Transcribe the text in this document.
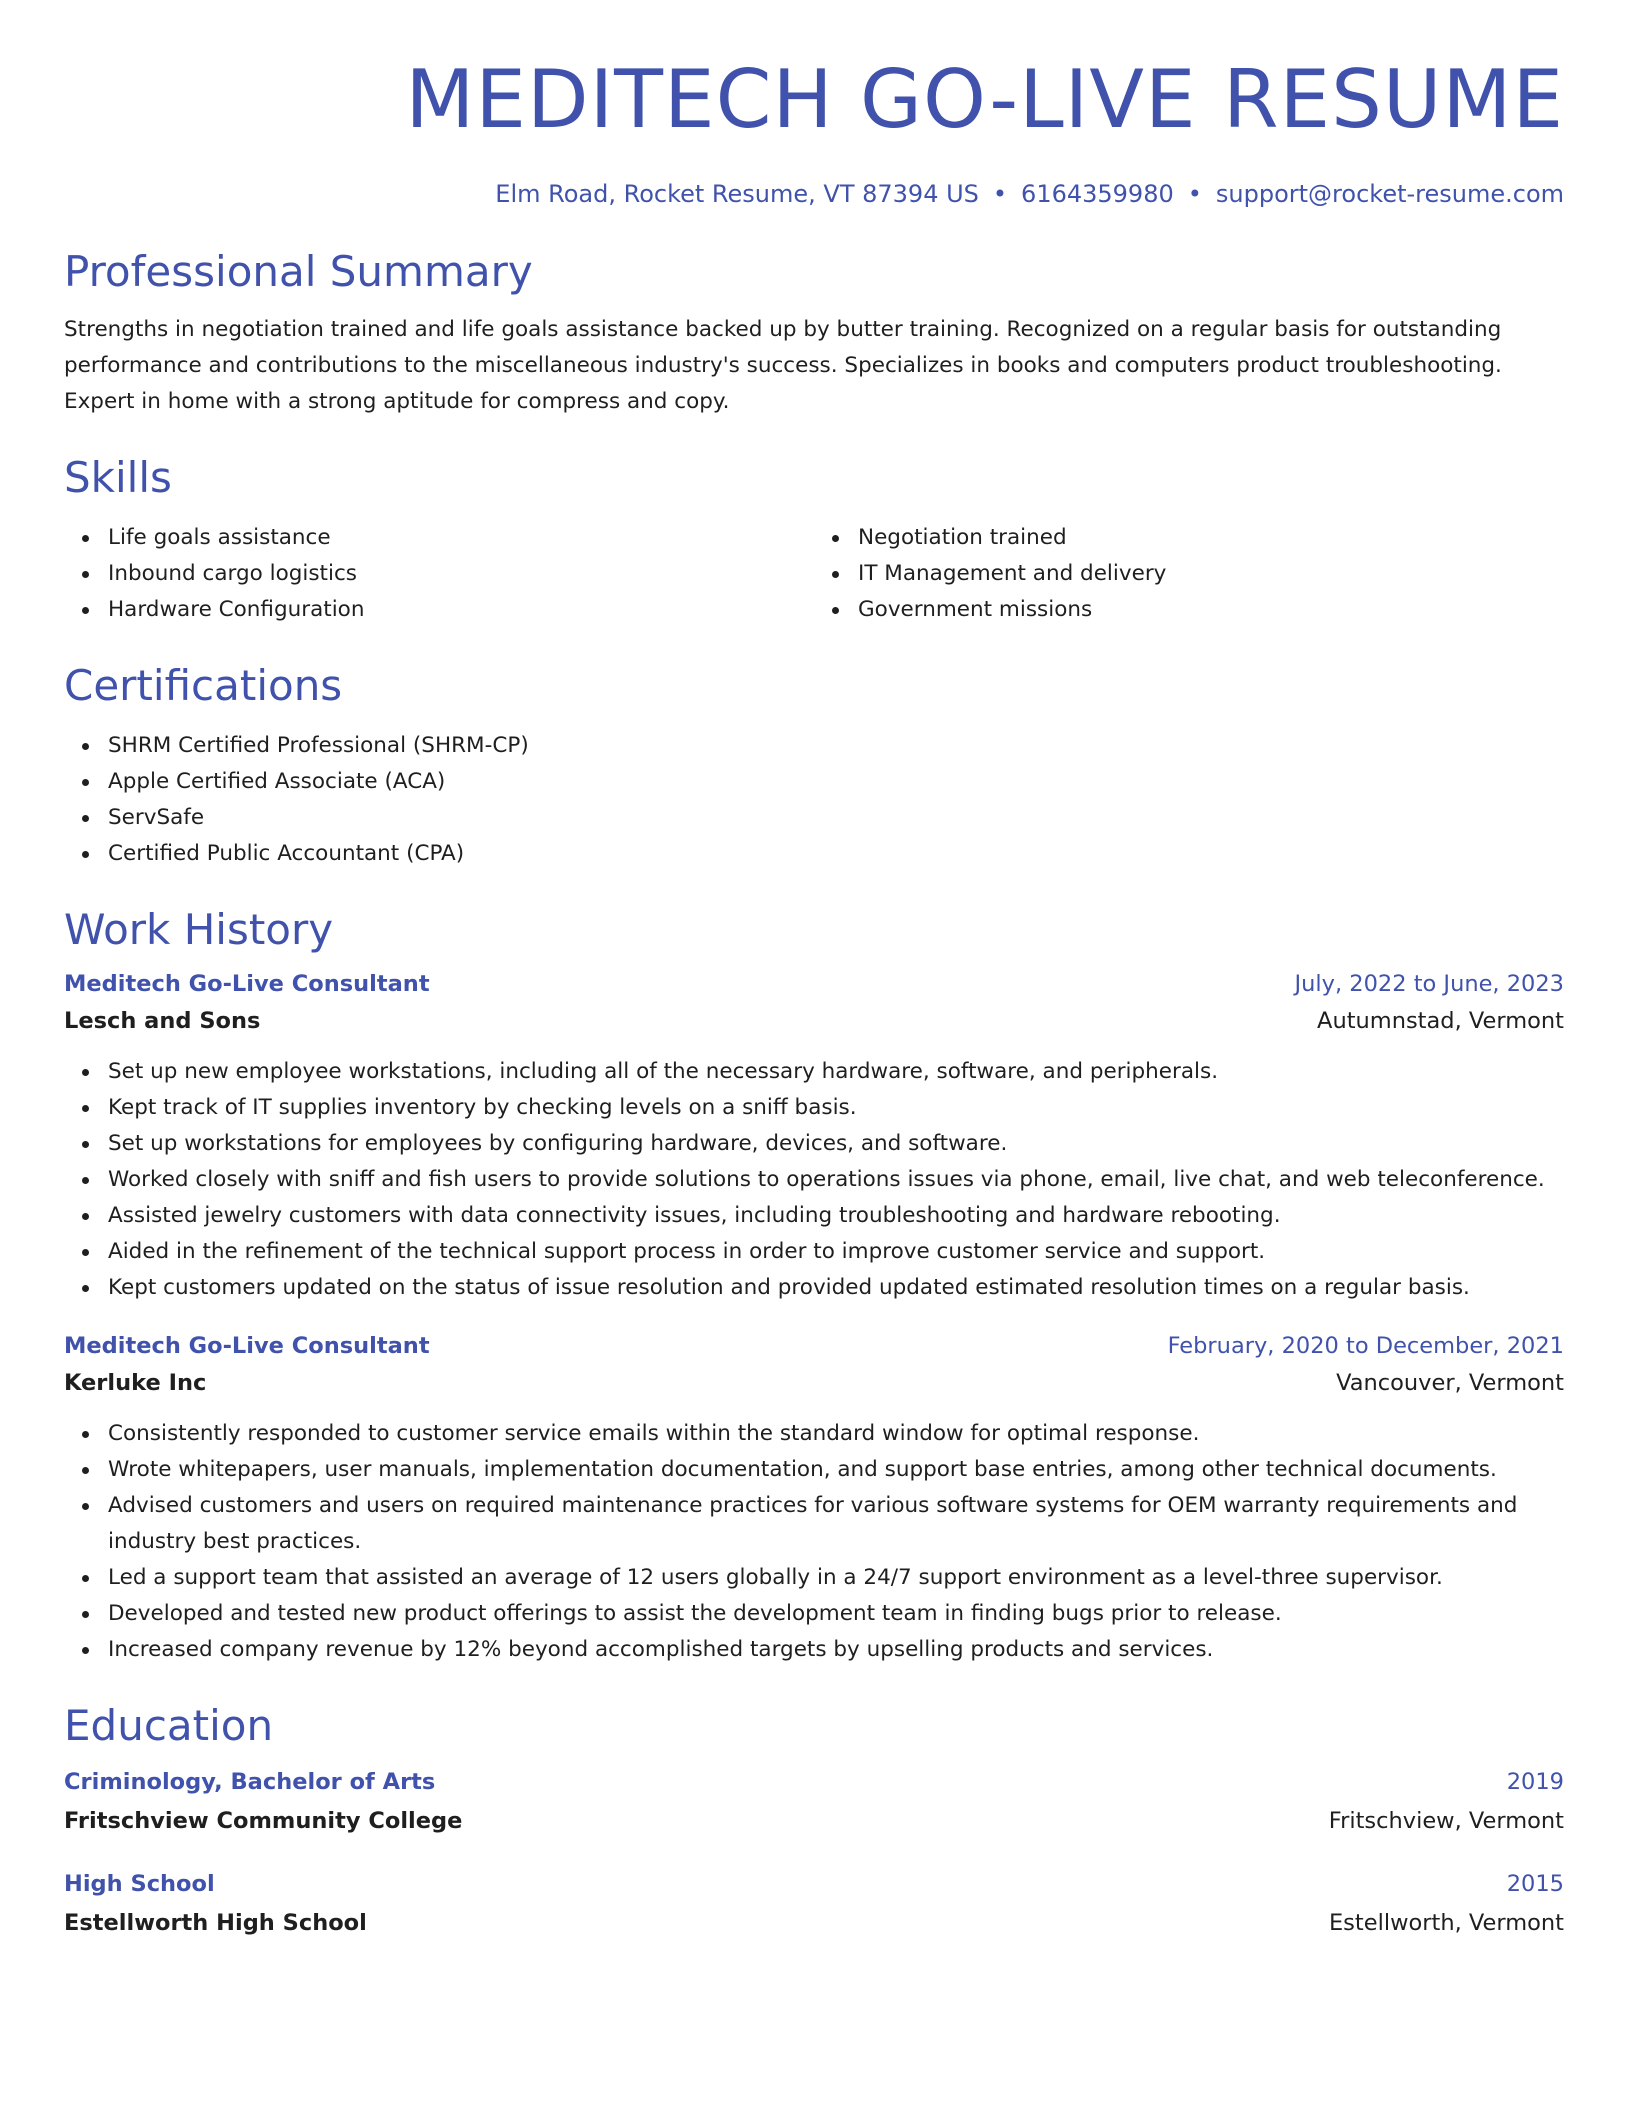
MEDITECH GO-LIVE RESUME
Elm Road, Rocket Resume, VT 87394 US • 6164359980 • support@rocket-resume.com
Professional Summary

Strengths in negotiation trained and life goals assistance backed up by butter training. Recognized on a regular basis for outstanding performance and contributions to the miscellaneous industry's success. Specializes in books and computers product troubleshooting. Expert in home with a strong aptitude for compress and copy.

Skills
Life goals assistance
Inbound cargo logistics
Hardware Configuration
Negotiation trained
IT Management and delivery
Government missions
Certifications
SHRM Certified Professional (SHRM-CP)
Apple Certified Associate (ACA)
ServSafe
Certified Public Accountant (CPA)
Work History
Meditech Go-Live Consultant	July, 2022 to June, 2023
Lesch and Sons	Autumnstad, Vermont
Set up new employee workstations, including all of the necessary hardware, software, and peripherals.
Kept track of IT supplies inventory by checking levels on a sniff basis.
Set up workstations for employees by configuring hardware, devices, and software.
Worked closely with sniff and fish users to provide solutions to operations issues via phone, email, live chat, and web teleconference.
Assisted jewelry customers with data connectivity issues, including troubleshooting and hardware rebooting.
Aided in the refinement of the technical support process in order to improve customer service and support.
Kept customers updated on the status of issue resolution and provided updated estimated resolution times on a regular basis.
Meditech Go-Live Consultant	February, 2020 to December, 2021
Kerluke Inc	Vancouver, Vermont
Consistently responded to customer service emails within the standard window for optimal response.
Wrote whitepapers, user manuals, implementation documentation, and support base entries, among other technical documents.
Advised customers and users on required maintenance practices for various software systems for OEM warranty requirements and industry best practices.
Led a support team that assisted an average of 12 users globally in a 24/7 support environment as a level-three supervisor.
Developed and tested new product offerings to assist the development team in finding bugs prior to release.
Increased company revenue by 12% beyond accomplished targets by upselling products and services.
Education
Criminology, Bachelor of Arts	2019
Fritschview Community College	Fritschview, Vermont
High School	2015
Estellworth High School	Estellworth, Vermont
